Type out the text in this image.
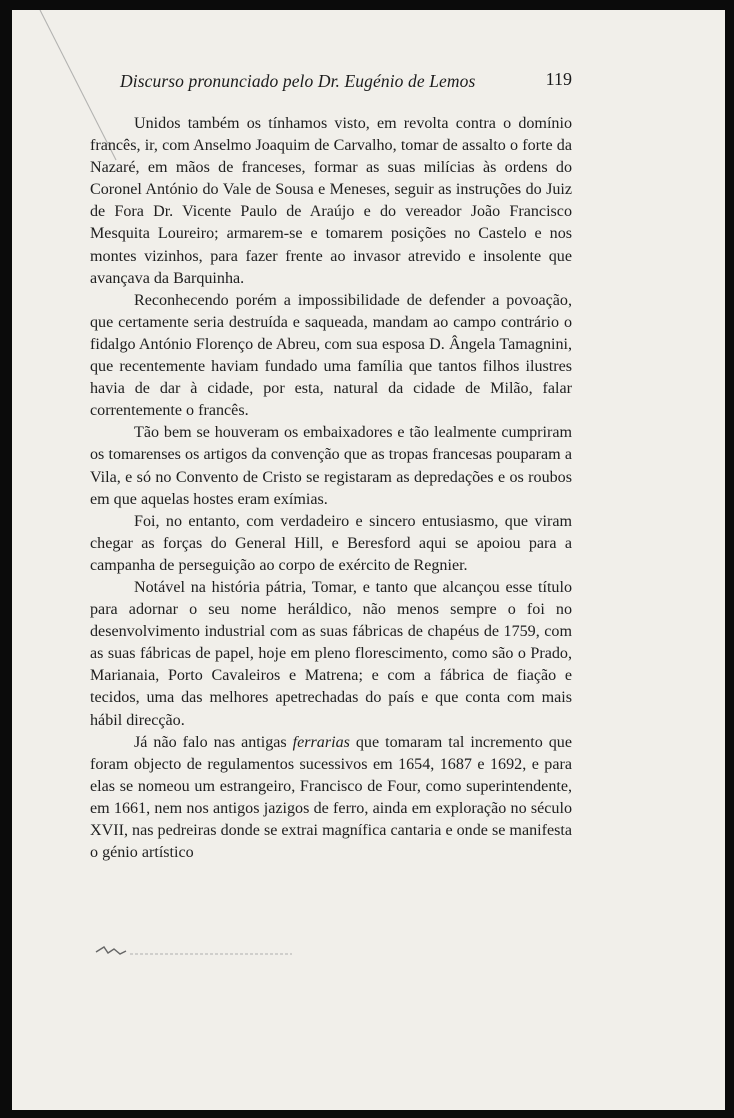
Discurso pronunciado pelo Dr. Eugénio de Lemos	119

Unidos também os tínhamos visto, em revolta contra o domínio francês, ir, com Anselmo Joaquim de Carvalho, tomar de assalto o forte da Nazaré, em mãos de franceses, formar as suas milícias às ordens do Coronel António do Vale de Sousa e Meneses, seguir as instruções do Juiz de Fora Dr. Vicente Paulo de Araújo e do vereador João Francisco Mesquita Loureiro; armarem-se e tomarem posições no Castelo e nos montes vizinhos, para fazer frente ao invasor atrevido e insolente que avançava da Barquinha.

Reconhecendo porém a impossibilidade de defender a povoação, que certamente seria destruída e saqueada, mandam ao campo contrário o fidalgo António Florenço de Abreu, com sua esposa D. Ângela Tamagnini, que recentemente haviam fundado uma família que tantos filhos ilustres havia de dar à cidade, por esta, natural da cidade de Milão, falar correntemente o francês.

Tão bem se houveram os embaixadores e tão lealmente cumpriram os tomarenses os artigos da convenção que as tropas francesas pouparam a Vila, e só no Convento de Cristo se registaram as depredações e os roubos em que aquelas hostes eram exímias.

Foi, no entanto, com verdadeiro e sincero entusiasmo, que viram chegar as forças do General Hill, e Beresford aqui se apoiou para a campanha de perseguição ao corpo de exército de Regnier.

Notável na história pátria, Tomar, e tanto que alcançou esse título para adornar o seu nome heráldico, não menos sempre o foi no desenvolvimento industrial com as suas fábricas de chapéus de 1759, com as suas fábricas de papel, hoje em pleno florescimento, como são o Prado, Marianaia, Porto Cavaleiros e Matrena; e com a fábrica de fiação e tecidos, uma das melhores apetrechadas do país e que conta com mais hábil direcção.

Já não falo nas antigas ferrarias que tomaram tal incremento que foram objecto de regulamentos sucessivos em 1654, 1687 e 1692, e para elas se nomeou um estrangeiro, Francisco de Four, como superintendente, em 1661, nem nos antigos jazigos de ferro, ainda em exploração no século XVII, nas pedreiras donde se extrai magnífica cantaria e onde se manifesta o génio artístico
